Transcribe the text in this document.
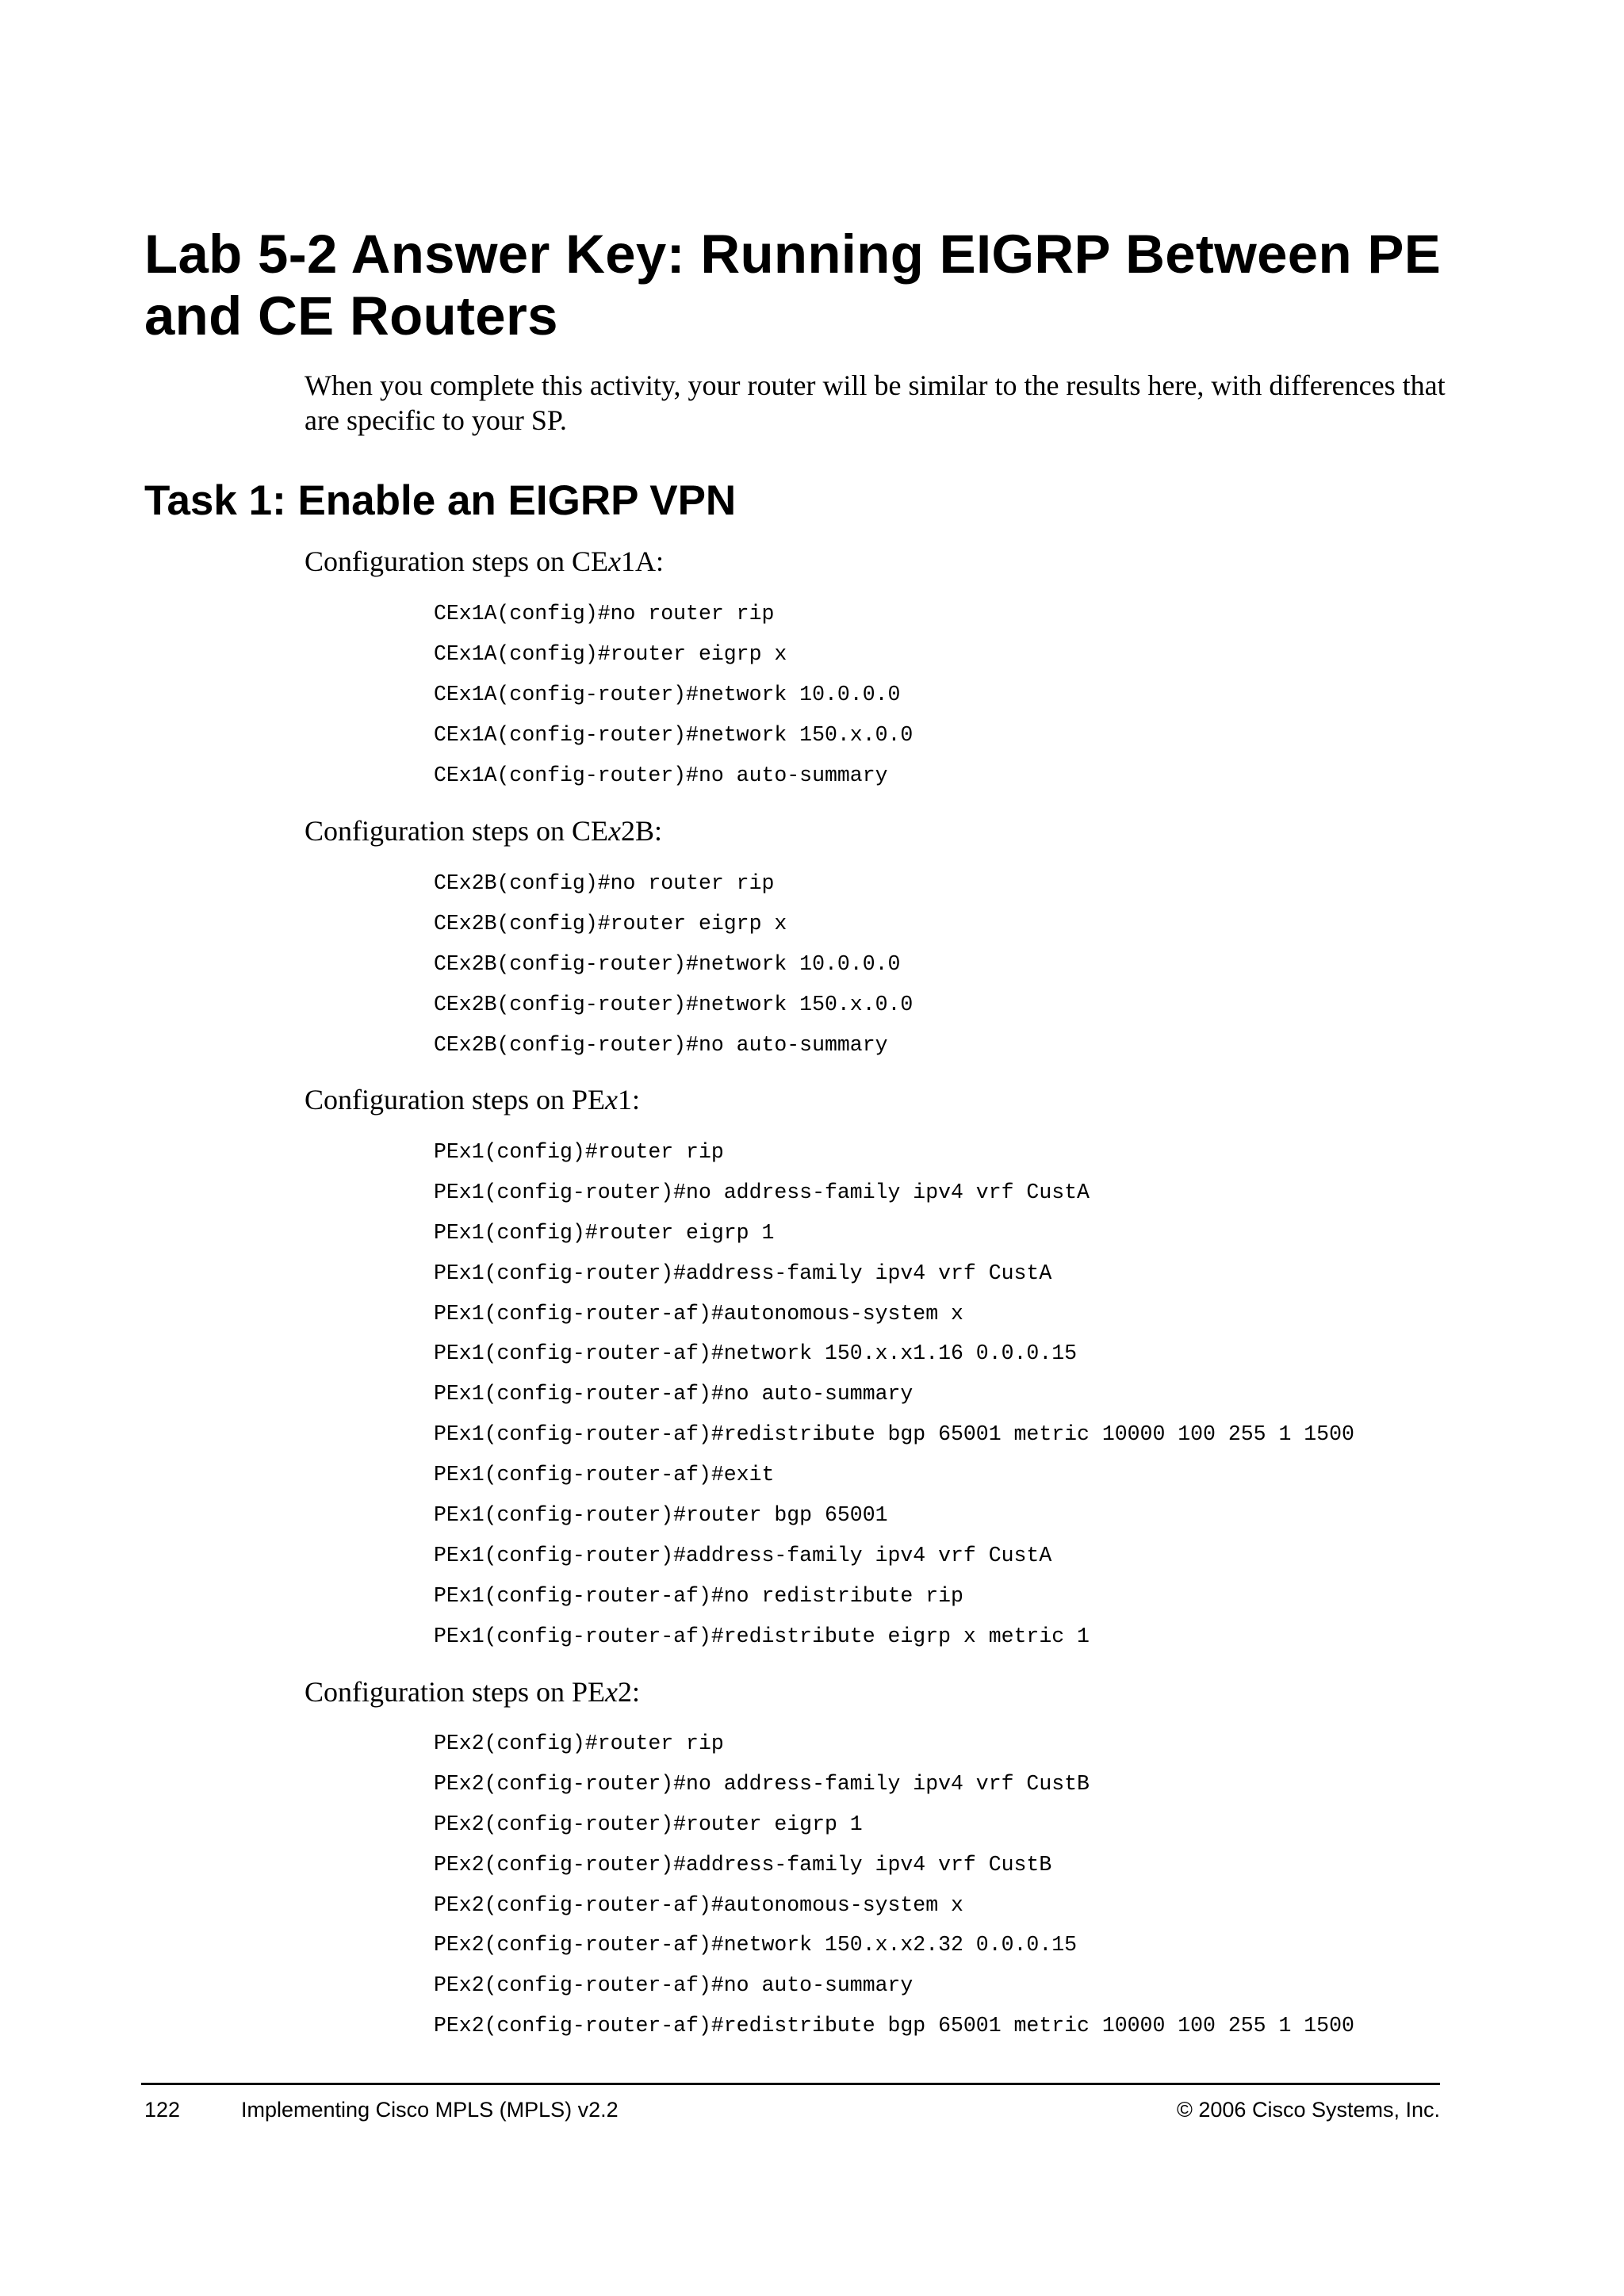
Lab 5-2 Answer Key: Running EIGRP Between PE and CE Routers

When you complete this activity, your router will be similar to the results here, with differences that are specific to your SP.

Task 1: Enable an EIGRP VPN

Configuration steps on CEx1A:

CEx1A(config)#no router rip
CEx1A(config)#router eigrp x
CEx1A(config-router)#network 10.0.0.0
CEx1A(config-router)#network 150.x.0.0
CEx1A(config-router)#no auto-summary

Configuration steps on CEx2B:

CEx2B(config)#no router rip
CEx2B(config)#router eigrp x
CEx2B(config-router)#network 10.0.0.0
CEx2B(config-router)#network 150.x.0.0
CEx2B(config-router)#no auto-summary

Configuration steps on PEx1:

PEx1(config)#router rip
PEx1(config-router)#no address-family ipv4 vrf CustA
PEx1(config)#router eigrp 1
PEx1(config-router)#address-family ipv4 vrf CustA
PEx1(config-router-af)#autonomous-system x
PEx1(config-router-af)#network 150.x.x1.16 0.0.0.15
PEx1(config-router-af)#no auto-summary
PEx1(config-router-af)#redistribute bgp 65001 metric 10000 100 255 1 1500
PEx1(config-router-af)#exit
PEx1(config-router)#router bgp 65001
PEx1(config-router)#address-family ipv4 vrf CustA
PEx1(config-router-af)#no redistribute rip
PEx1(config-router-af)#redistribute eigrp x metric 1

Configuration steps on PEx2:

PEx2(config)#router rip
PEx2(config-router)#no address-family ipv4 vrf CustB
PEx2(config-router)#router eigrp 1
PEx2(config-router)#address-family ipv4 vrf CustB
PEx2(config-router-af)#autonomous-system x
PEx2(config-router-af)#network 150.x.x2.32 0.0.0.15
PEx2(config-router-af)#no auto-summary
PEx2(config-router-af)#redistribute bgp 65001 metric 10000 100 255 1 1500
122	Implementing Cisco MPLS (MPLS) v2.2	© 2006 Cisco Systems, Inc.
